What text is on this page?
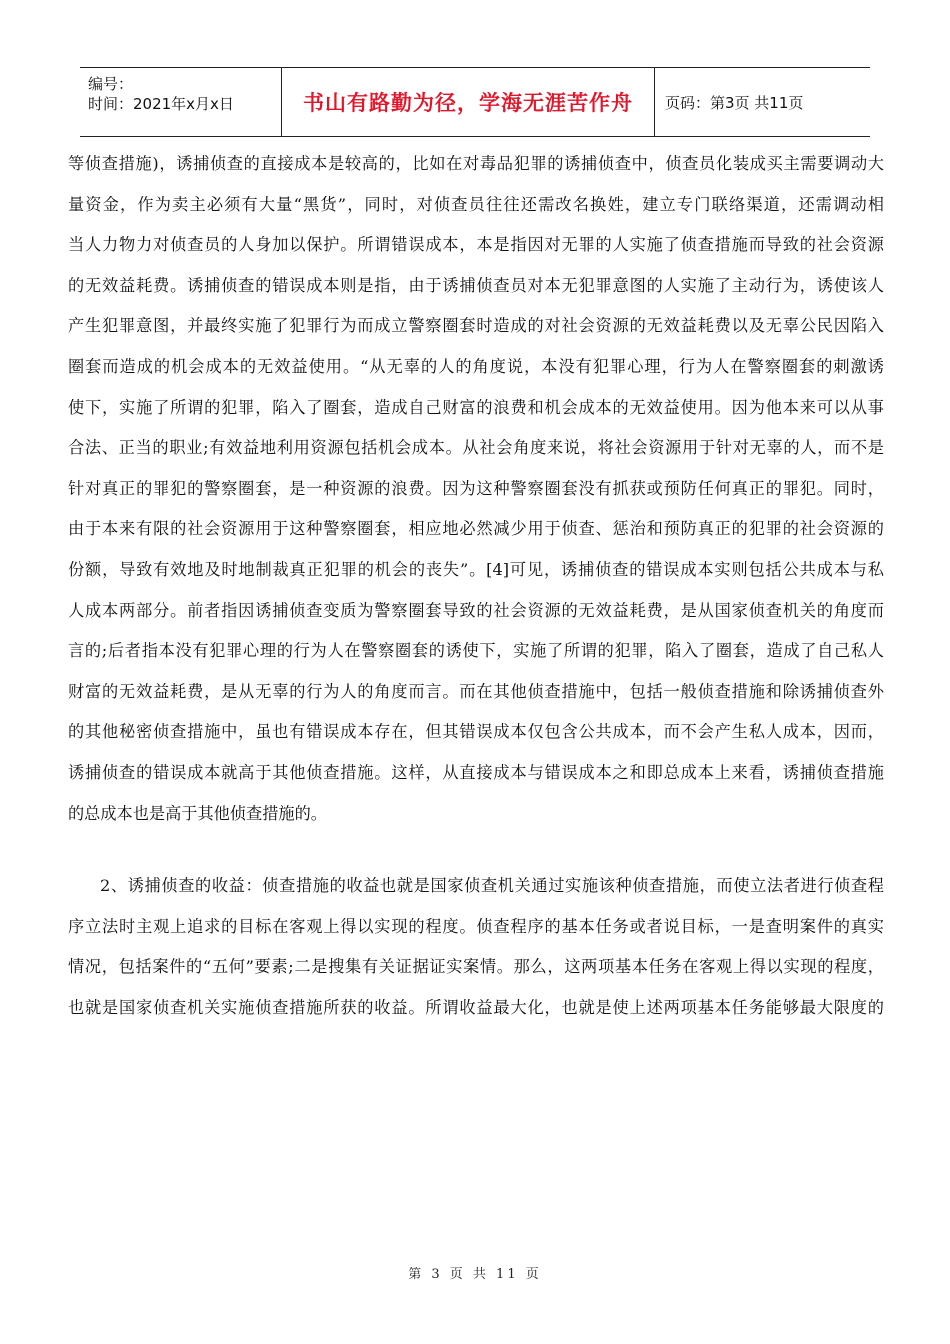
编号：
时间：2021年x月x日	书山有路勤为径，学海无涯苦作舟 页码：第3页 共11页
等侦查措施)，诱捕侦查的直接成本是较高的，比如在对毒品犯罪的诱捕侦查中，侦查员化装成买主需要调动大
量资金，作为卖主必须有大量“黑货”，同时，对侦查员往往还需改名换姓，建立专门联络渠道，还需调动相
当人力物力对侦查员的人身加以保护。所谓错误成本，本是指因对无罪的人实施了侦查措施而导致的社会资源
的无效益耗费。诱捕侦查的错误成本则是指，由于诱捕侦查员对本无犯罪意图的人实施了主动行为，诱使该人
产生犯罪意图，并最终实施了犯罪行为而成立警察圈套时造成的对社会资源的无效益耗费以及无辜公民因陷入
圈套而造成的机会成本的无效益使用。“从无辜的人的角度说，本没有犯罪心理，行为人在警察圈套的刺激诱
使下，实施了所谓的犯罪，陷入了圈套，造成自己财富的浪费和机会成本的无效益使用。因为他本来可以从事
合法、正当的职业;有效益地利用资源包括机会成本。从社会角度来说，将社会资源用于针对无辜的人，而不是
针对真正的罪犯的警察圈套，是一种资源的浪费。因为这种警察圈套没有抓获或预防任何真正的罪犯。同时，
由于本来有限的社会资源用于这种警察圈套，相应地必然减少用于侦查、惩治和预防真正的犯罪的社会资源的
份额，导致有效地及时地制裁真正犯罪的机会的丧失”。[4]可见，诱捕侦查的错误成本实则包括公共成本与私
人成本两部分。前者指因诱捕侦查变质为警察圈套导致的社会资源的无效益耗费，是从国家侦查机关的角度而
言的;后者指本没有犯罪心理的行为人在警察圈套的诱使下，实施了所谓的犯罪，陷入了圈套，造成了自己私人
财富的无效益耗费，是从无辜的行为人的角度而言。而在其他侦查措施中，包括一般侦查措施和除诱捕侦查外
的其他秘密侦查措施中，虽也有错误成本存在，但其错误成本仅包含公共成本，而不会产生私人成本，因而，
诱捕侦查的错误成本就高于其他侦查措施。这样，从直接成本与错误成本之和即总成本上来看，诱捕侦查措施
的总成本也是高于其他侦查措施的。
2、诱捕侦查的收益：侦查措施的收益也就是国家侦查机关通过实施该种侦查措施，而使立法者进行侦查程
序立法时主观上追求的目标在客观上得以实现的程度。侦查程序的基本任务或者说目标，一是查明案件的真实
情况，包括案件的“五何”要素;二是搜集有关证据证实案情。那么，这两项基本任务在客观上得以实现的程度，
也就是国家侦查机关实施侦查措施所获的收益。所谓收益最大化，也就是使上述两项基本任务能够最大限度的
第 3 页 共 11 页
